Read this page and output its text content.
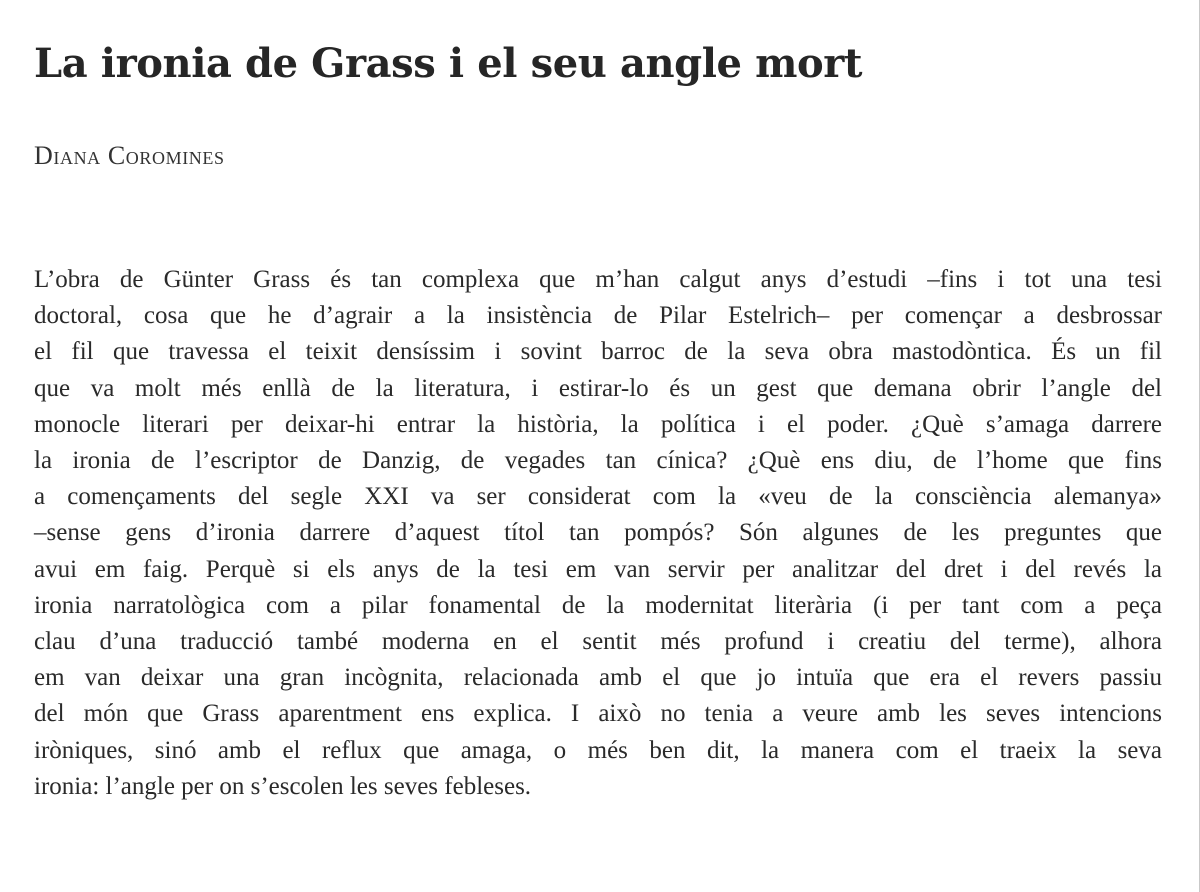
La ironia de Grass i el seu angle mort
Diana Coromines

L’obra de Günter Grass és tan complexa que m’han calgut anys d’estudi –fins i tot una tesi
doctoral, cosa que he d’agrair a la insistència de Pilar Estelrich– per començar a desbrossar
el fil que travessa el teixit densíssim i sovint barroc de la seva obra mastodòntica. És un fil
que va molt més enllà de la literatura, i estirar-lo és un gest que demana obrir l’angle del
monocle literari per deixar-hi entrar la història, la política i el poder. ¿Què s’amaga darrere
la ironia de l’escriptor de Danzig, de vegades tan cínica? ¿Què ens diu, de l’home que fins
a començaments del segle XXI va ser considerat com la «veu de la consciència alemanya»
–sense gens d’ironia darrere d’aquest títol tan pompós? Són algunes de les preguntes que
avui em faig. Perquè si els anys de la tesi em van servir per analitzar del dret i del revés la
ironia narratològica com a pilar fonamental de la modernitat literària (i per tant com a peça
clau d’una traducció també moderna en el sentit més profund i creatiu del terme), alhora
em van deixar una gran incògnita, relacionada amb el que jo intuïa que era el revers passiu
del món que Grass aparentment ens explica. I això no tenia a veure amb les seves intencions
iròniques, sinó amb el reflux que amaga, o més ben dit, la manera com el traeix la seva
ironia: l’angle per on s’escolen les seves febleses.
